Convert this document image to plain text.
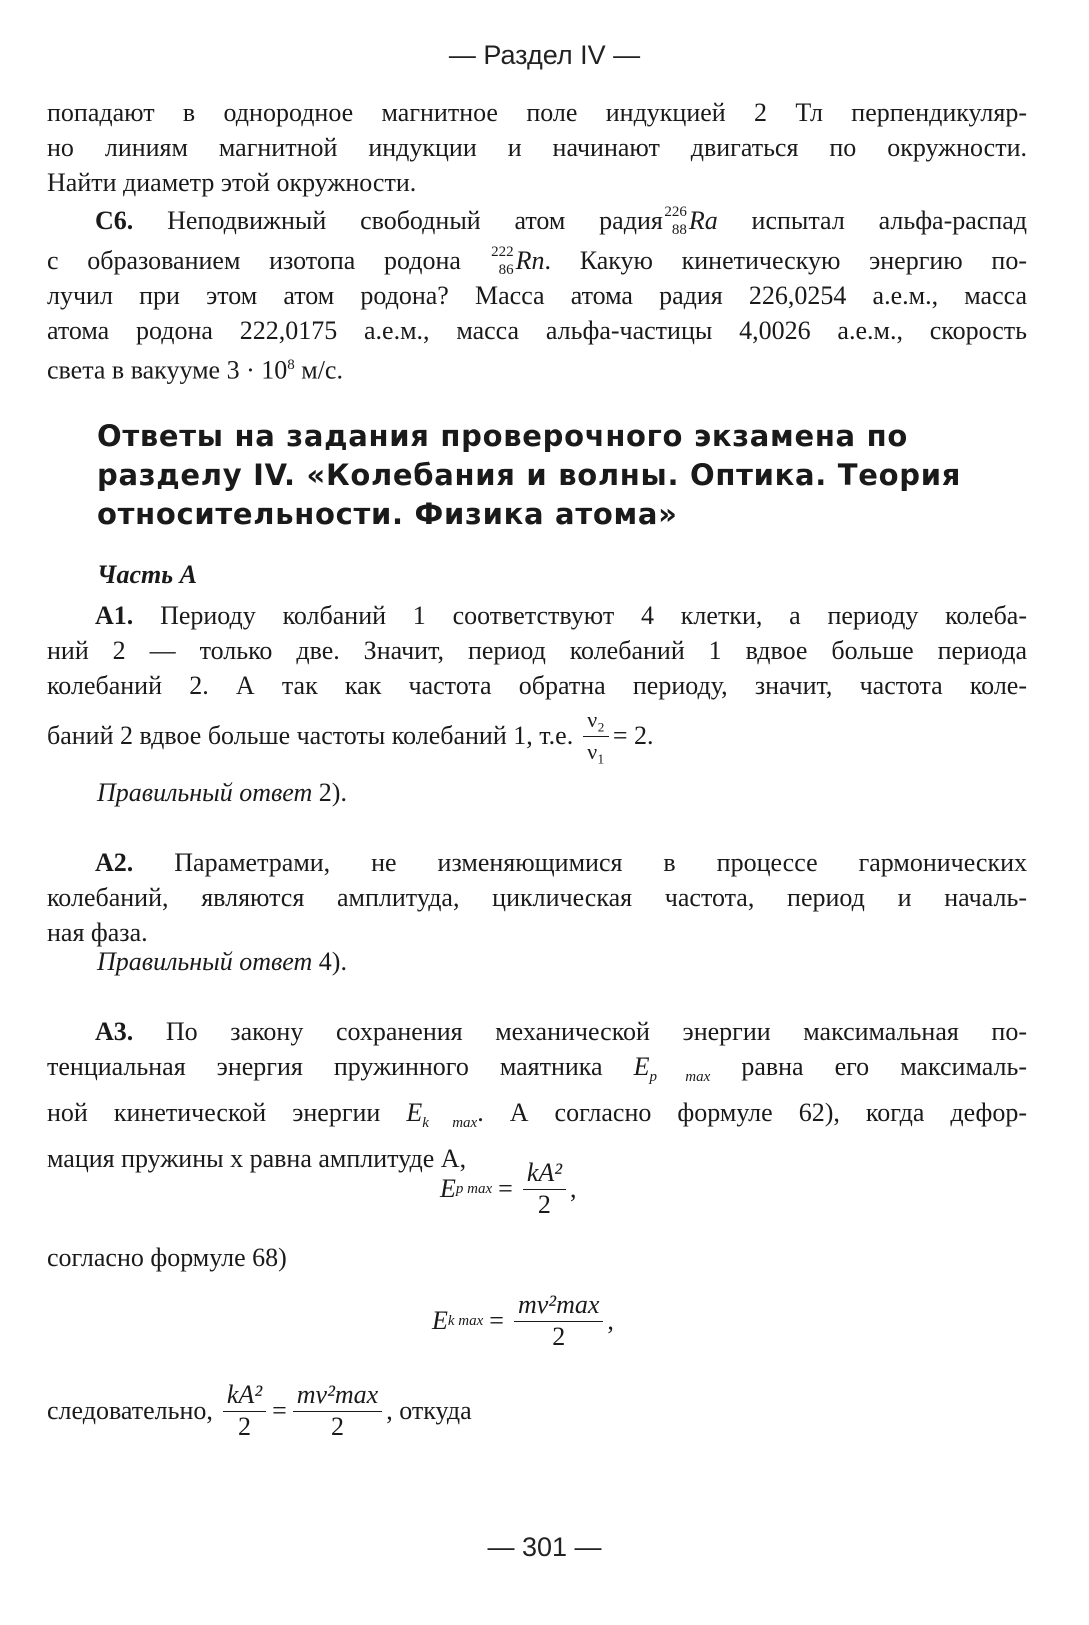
— Раздел IV —
попадают в однородное магнитное поле индукцией 2 Тл перпендикуляр-
но линиям магнитной индукции и начинают двигаться по окружности.
Найти диаметр этой окружности.
С6. Неподвижный свободный атом радия 226
88 Ra испытал альфа-распад
с образованием изотопа родона 222
86 Rn. Какую кинетическую энергию по-
лучил при этом атом родона? Масса атома радия 226,0254 а.е.м., масса
атома родона 222,0175 а.е.м., масса альфа-частицы 4,0026 а.е.м., скорость
света в вакууме $3 \cdot 10^8$ м/с.
Ответы на задания проверочного экзамена по разделу IV. «Колебания и волны. Оптика. Теория относительности. Физика атома»
Часть А
А1. Периоду колбаний 1 соответствуют 4 клетки, а периоду колеба-
ний 2 — только две. Значит, период колебаний 1 вдвое больше периода
колебаний 2. А так как частота обратна периоду, значит, частота коле-
баний 2 вдвое больше частоты колебаний 1, т.е. $\frac{\text{ν₂}}{\text{ν₁}} = 2$.
Правильный ответ 2).
А2. Параметрами, не изменяющимися в процессе гармонических
колебаний, являются амплитуда, циклическая частота, период и началь-
ная фаза.
Правильный ответ 4).
А3. По закону сохранения механической энергии максимальная по-
тенциальная энергия пружинного маятника $E_{p max}$ равна его максималь-
ной кинетической энергии $E_{k max}$. А согласно формуле 62), когда дефор-
мация пружины x равна амплитуде A,
E p $\max = \frac{\text{kA²}}{2}$ ,
согласно формуле 68)
E k $\max = \frac{\text{mv²max}}{2}$ ,
следовательно, $\frac{\text{kA²}}{2} = \frac{\text{mv²max}}{2}$ , откуда
— 301 —
